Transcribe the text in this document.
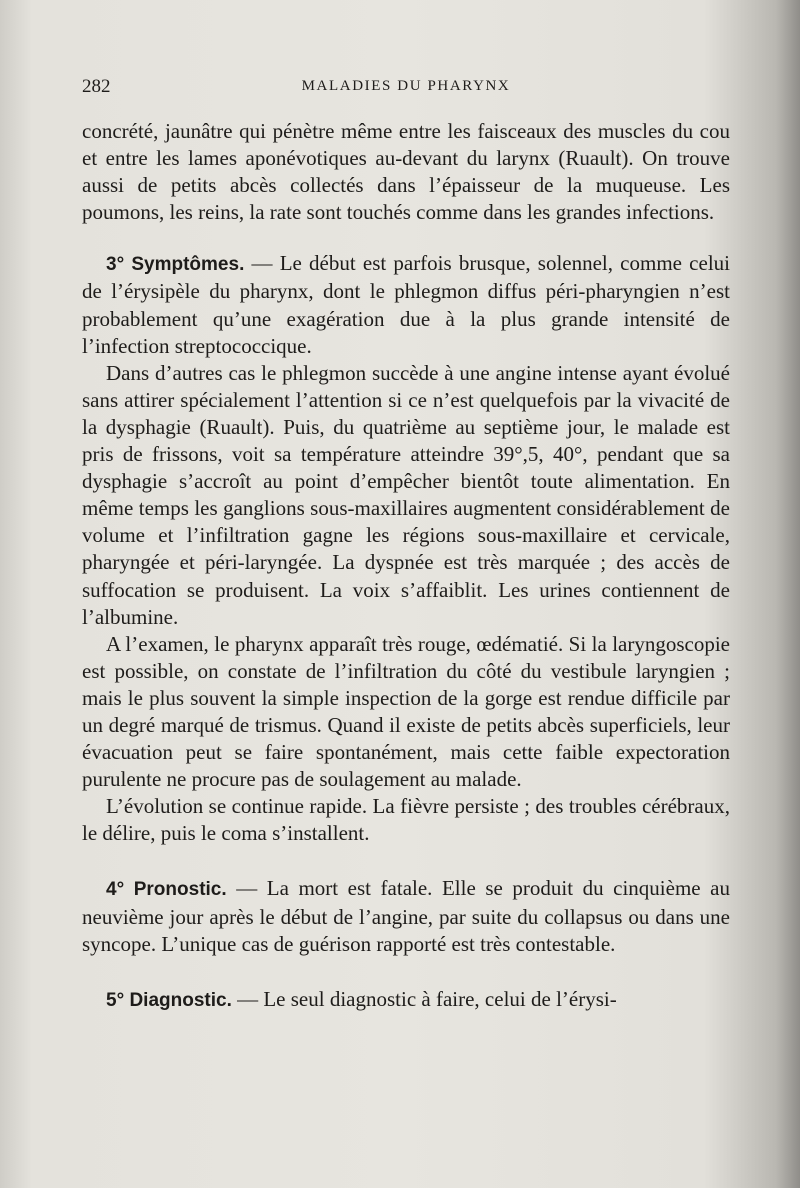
282	MALADIES DU PHARYNX

concrété, jaunâtre qui pénètre même entre les faisceaux des muscles du cou et entre les lames aponévotiques au-devant du larynx (Ruault). On trouve aussi de petits abcès collectés dans l’épaisseur de la muqueuse. Les poumons, les reins, la rate sont touchés comme dans les grandes infections.

3° Symptômes. — Le début est parfois brusque, solennel, comme celui de l’érysipèle du pharynx, dont le phlegmon diffus péri-pharyngien n’est probablement qu’une exagération due à la plus grande intensité de l’infection streptococcique.

Dans d’autres cas le phlegmon succède à une angine intense ayant évolué sans attirer spécialement l’attention si ce n’est quelquefois par la vivacité de la dysphagie (Ruault). Puis, du quatrième au septième jour, le malade est pris de frissons, voit sa température atteindre 39°,5, 40°, pendant que sa dysphagie s’accroît au point d’empêcher bientôt toute alimentation. En même temps les ganglions sous-maxillaires augmentent considérablement de volume et l’infiltration gagne les régions sous-maxillaire et cervicale, pharyngée et péri-laryngée. La dyspnée est très marquée ; des accès de suffocation se produisent. La voix s’affaiblit. Les urines contiennent de l’albumine.

A l’examen, le pharynx apparaît très rouge, œdématié. Si la laryngoscopie est possible, on constate de l’infiltration du côté du vestibule laryngien ; mais le plus souvent la simple inspection de la gorge est rendue difficile par un degré marqué de trismus. Quand il existe de petits abcès superficiels, leur évacuation peut se faire spontanément, mais cette faible expectoration purulente ne procure pas de soulagement au malade.

L’évolution se continue rapide. La fièvre persiste ; des troubles cérébraux, le délire, puis le coma s’installent.

4° Pronostic. — La mort est fatale. Elle se produit du cinquième au neuvième jour après le début de l’angine, par suite du collapsus ou dans une syncope. L’unique cas de guérison rapporté est très contestable.

5° Diagnostic. — Le seul diagnostic à faire, celui de l’érysi-
